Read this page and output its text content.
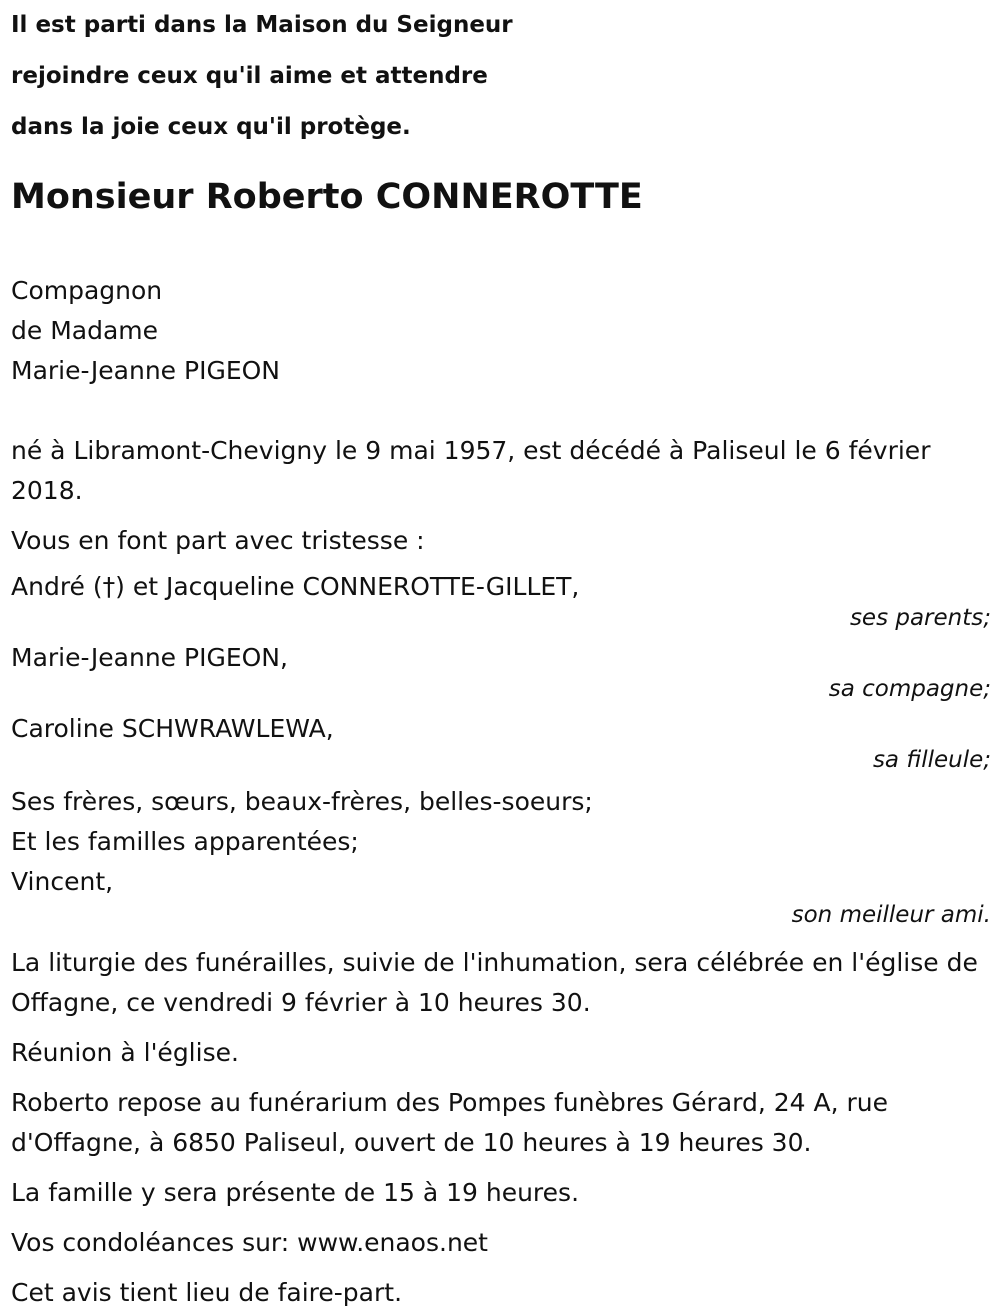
Il est parti dans la Maison du Seigneur
rejoindre ceux qu'il aime et attendre
dans la joie ceux qu'il protège.
Monsieur Roberto CONNEROTTE
Compagnon
de Madame
Marie-Jeanne PIGEON
né à Libramont-Chevigny le 9 mai 1957, est décédé à Paliseul le 6 février 2018.
Vous en font part avec tristesse :
André (†) et Jacqueline CONNEROTTE-GILLET,
ses parents;
Marie-Jeanne PIGEON,
sa compagne;
Caroline SCHWRAWLEWA,
sa filleule;
Ses frères, sœurs, beaux-frères, belles-soeurs;
Et les familles apparentées;
Vincent,
son meilleur ami.
La liturgie des funérailles, suivie de l'inhumation, sera célébrée en l'église de Offagne, ce vendredi 9 février à 10 heures 30.
Réunion à l'église.
Roberto repose au funérarium des Pompes funèbres Gérard, 24 A, rue d'Offagne, à 6850 Paliseul, ouvert de 10 heures à 19 heures 30.
La famille y sera présente de 15 à 19 heures.
Vos condoléances sur: www.enaos.net
Cet avis tient lieu de faire-part.
